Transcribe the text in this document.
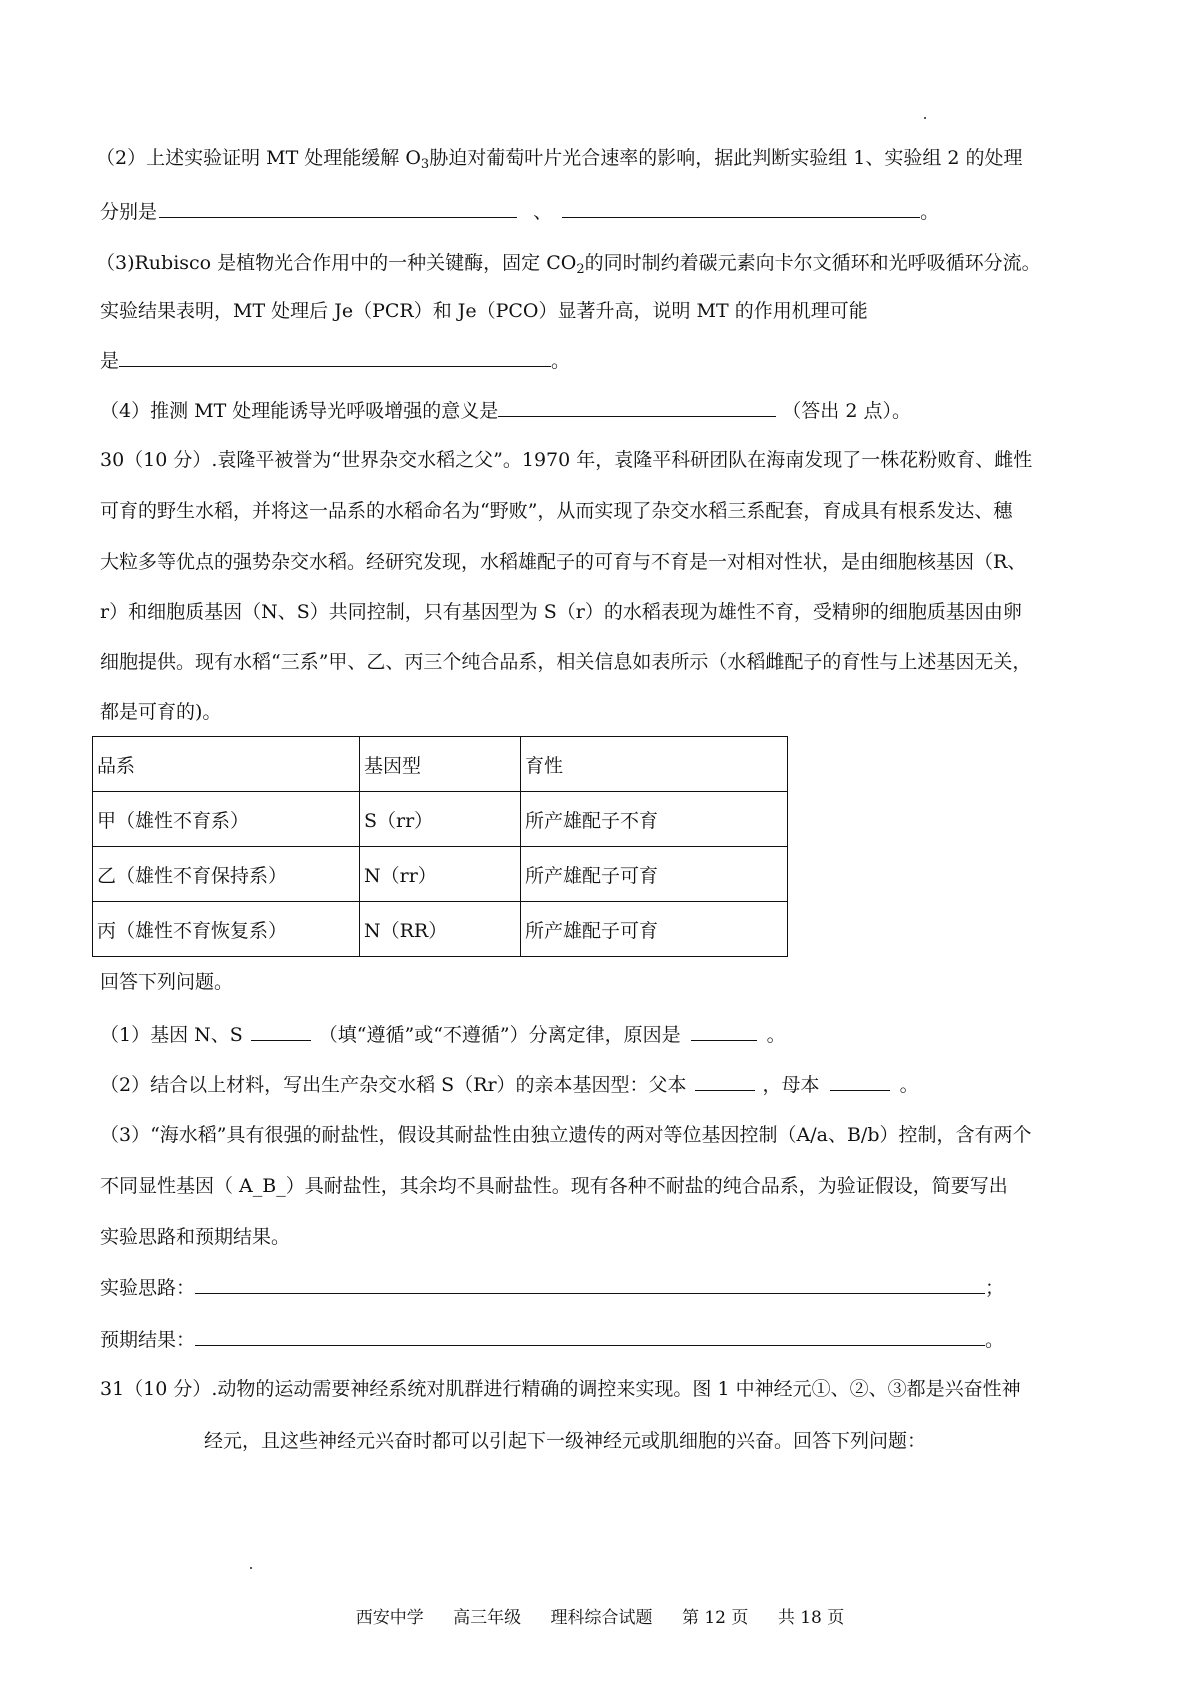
（2）上述实验证明 MT 处理能缓解 $O_3$胁迫对葡萄叶片光合速率的影响，据此判断实验组 1、实验组 2 的处理
分别是	、	。
（3)Rubisco 是植物光合作用中的一种关键酶，固定 $CO_2$的同时制约着碳元素向卡尔文循环和光呼吸循环分流。
实验结果表明，MT 处理后 Je（PCR）和 Je（PCO）显著升高，说明 MT 的作用机理可能
是	。
（4）推测 MT 处理能诱导光呼吸增强的意义是	（答出 2 点）。
30（10 分）.袁隆平被誉为“世界杂交水稻之父”。1970 年，袁隆平科研团队在海南发现了一株花粉败育、雌性
可育的野生水稻，并将这一品系的水稻命名为“野败”，从而实现了杂交水稻三系配套，育成具有根系发达、穗
大粒多等优点的强势杂交水稻。经研究发现，水稻雄配子的可育与不育是一对相对性状，是由细胞核基因（R、
r）和细胞质基因（N、S）共同控制，只有基因型为 S（r）的水稻表现为雄性不育，受精卵的细胞质基因由卵
细胞提供。现有水稻“三系”甲、乙、丙三个纯合品系，相关信息如表所示（水稻雌配子的育性与上述基因无关，
都是可育的)。
品系	基因型	育性
甲（雄性不育系）	S（rr）	所产雄配子不育
乙（雄性不育保持系）	N（rr）	所产雄配子可育
丙（雄性不育恢复系）	N（RR）	所产雄配子可育
回答下列问题。
（1）基因 N、S	（填“遵循”或“不遵循”）分离定律，原因是	。
（2）结合以上材料，写出生产杂交水稻 S（Rr）的亲本基因型：父本	，母本	。
（3）“海水稻”具有很强的耐盐性，假设其耐盐性由独立遗传的两对等位基因控制（A/a、B/b）控制，含有两个
不同显性基因（ A_B_）具耐盐性，其余均不具耐盐性。现有各种不耐盐的纯合品系，为验证假设，简要写出
实验思路和预期结果。
实验思路：	；
预期结果：	。
31（10 分）.动物的运动需要神经系统对肌群进行精确的调控来实现。图 1 中神经元①、②、③都是兴奋性神
经元，且这些神经元兴奋时都可以引起下一级神经元或肌细胞的兴奋。回答下列问题：
西安中学 高三年级 理科综合试题 第 12 页 共 18 页
